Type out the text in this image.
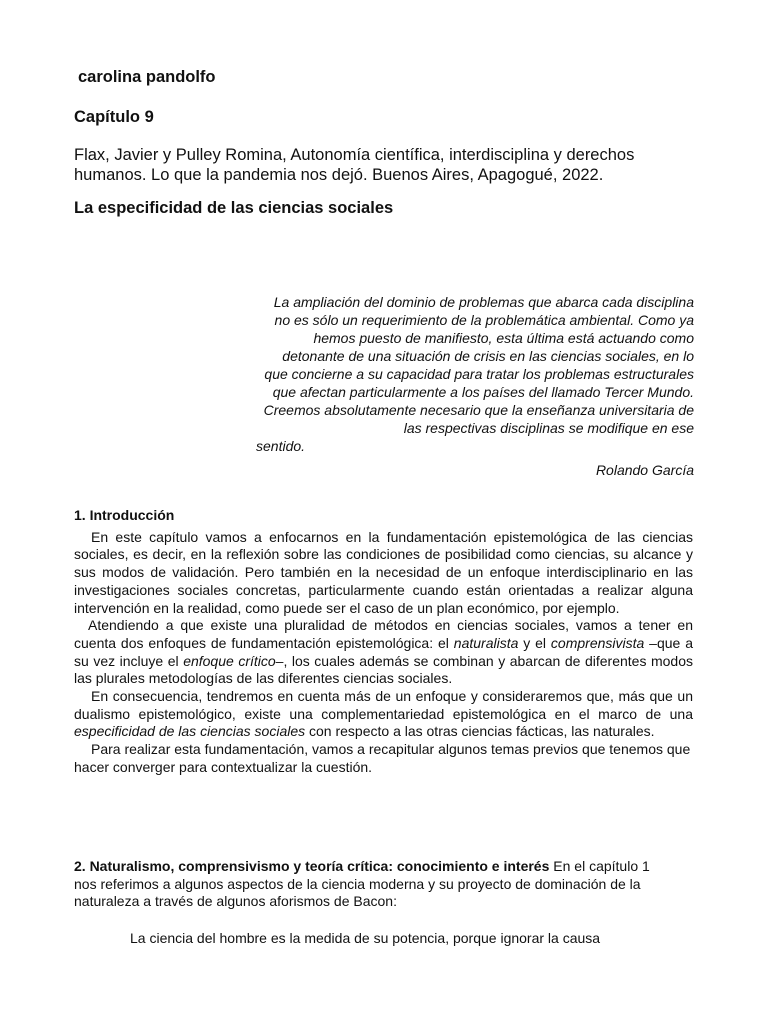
carolina pandolfo
Capítulo 9
Flax, Javier y Pulley Romina, Autonomía científica, interdisciplina y derechos humanos. Lo que la pandemia nos dejó. Buenos Aires, Apagogué, 2022.
La especificidad de las ciencias sociales

La ampliación del dominio de problemas que abarca cada disciplina no es sólo un requerimiento de la problemática ambiental. Como ya hemos puesto de manifiesto, esta última está actuando como detonante de una situación de crisis en las ciencias sociales, en lo que concierne a su capacidad para tratar los problemas estructurales que afectan particularmente a los países del llamado Tercer Mundo.

Creemos absolutamente necesario que la enseñanza universitaria de las respectivas disciplinas se modifique en ese

sentido.

Rolando García

1. Introducción

En este capítulo vamos a enfocarnos en la fundamentación epistemológica de las ciencias sociales, es decir, en la reflexión sobre las condiciones de posibilidad como ciencias, su alcance y sus modos de validación. Pero también en la necesidad de un enfoque interdisciplinario en las investigaciones sociales concretas, particularmente cuando están orientadas a realizar alguna intervención en la realidad, como puede ser el caso de un plan económico, por ejemplo.

Atendiendo a que existe una pluralidad de métodos en ciencias sociales, vamos a tener en cuenta dos enfoques de fundamentación epistemológica: el naturalista y el comprensivista –que a su vez incluye el enfoque crítico–, los cuales además se combinan y abarcan de diferentes modos las plurales metodologías de las diferentes ciencias sociales.

En consecuencia, tendremos en cuenta más de un enfoque y consideraremos que, más que un dualismo epistemológico, existe una complementariedad epistemológica en el marco de una especificidad de las ciencias sociales con respecto a las otras ciencias fácticas, las naturales.

Para realizar esta fundamentación, vamos a recapitular algunos temas previos que tenemos que hacer converger para contextualizar la cuestión.

2. Naturalismo, comprensivismo y teoría crítica: conocimiento e interés En el capítulo 1 nos referimos a algunos aspectos de la ciencia moderna y su proyecto de dominación de la naturaleza a través de algunos aforismos de Bacon:
La ciencia del hombre es la medida de su potencia, porque ignorar la causa
